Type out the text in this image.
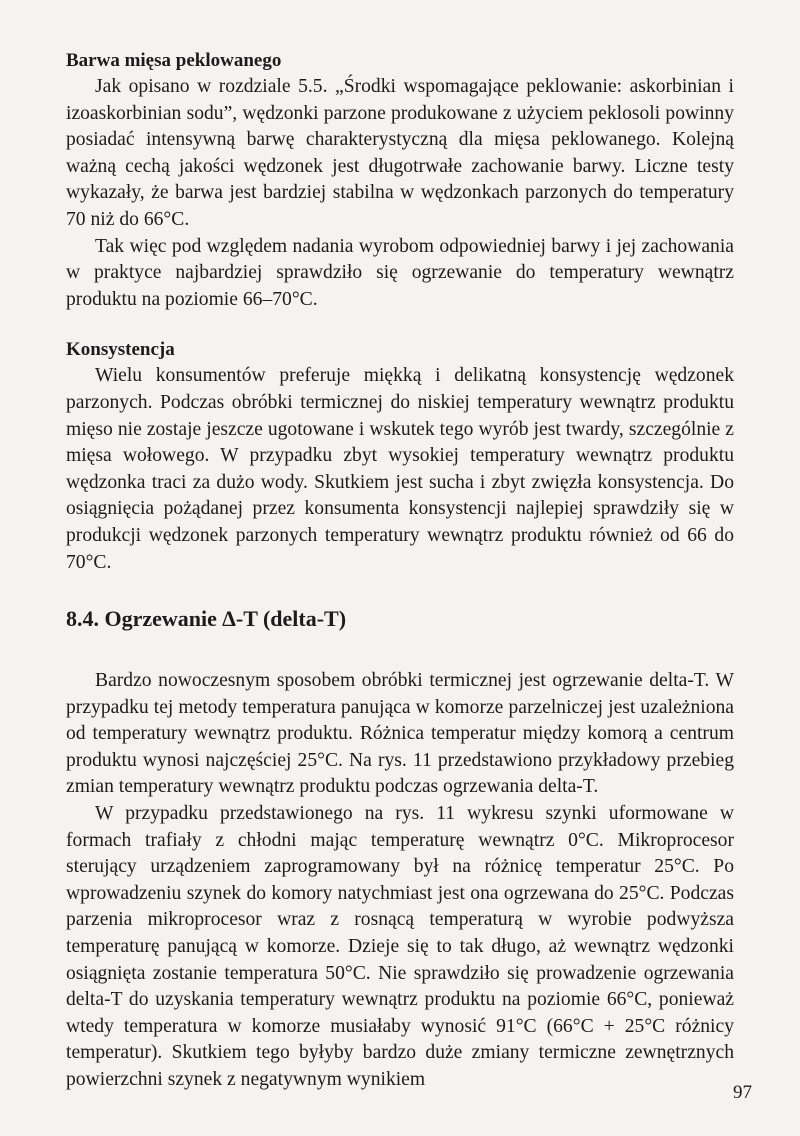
Barwa mięsa peklowanego

Jak opisano w rozdziale 5.5. „Środki wspomagające peklowanie: askorbinian i izoaskorbinian sodu”, wędzonki parzone produkowane z użyciem peklosoli powinny posiadać intensywną barwę charakterystyczną dla mięsa peklowanego. Kolejną ważną cechą jakości wędzonek jest długotrwałe zachowanie barwy. Liczne testy wykazały, że barwa jest bardziej stabilna w wędzonkach parzonych do temperatury 70 niż do 66°C.

Tak więc pod względem nadania wyrobom odpowiedniej barwy i jej zachowania w praktyce najbardziej sprawdziło się ogrzewanie do temperatury wewnątrz produktu na poziomie 66–70°C.

Konsystencja

Wielu konsumentów preferuje miękką i delikatną konsystencję wędzonek parzonych. Podczas obróbki termicznej do niskiej temperatury wewnątrz produktu mięso nie zostaje jeszcze ugotowane i wskutek tego wyrób jest twardy, szczególnie z mięsa wołowego. W przypadku zbyt wysokiej temperatury wewnątrz produktu wędzonka traci za dużo wody. Skutkiem jest sucha i zbyt zwięzła konsystencja. Do osiągnięcia pożądanej przez konsumenta konsystencji najlepiej sprawdziły się w produkcji wędzonek parzonych temperatury wewnątrz produktu również od 66 do 70°C.

8.4. Ogrzewanie ∆-T (delta-T)

Bardzo nowoczesnym sposobem obróbki termicznej jest ogrzewanie delta-T. W przypadku tej metody temperatura panująca w komorze parzelniczej jest uzależniona od temperatury wewnątrz produktu. Różnica temperatur między komorą a centrum produktu wynosi najczęściej 25°C. Na rys. 11 przedstawiono przykładowy przebieg zmian temperatury wewnątrz produktu podczas ogrzewania delta-T.

W przypadku przedstawionego na rys. 11 wykresu szynki uformowane w formach trafiały z chłodni mając temperaturę wewnątrz 0°C. Mikroprocesor sterujący urządzeniem zaprogramowany był na różnicę temperatur 25°C. Po wprowadzeniu szynek do komory natychmiast jest ona ogrzewana do 25°C. Podczas parzenia mikroprocesor wraz z rosnącą temperaturą w wyrobie podwyższa temperaturę panującą w komorze. Dzieje się to tak długo, aż wewnątrz wędzonki osiągnięta zostanie temperatura 50°C. Nie sprawdziło się prowadzenie ogrzewania delta-T do uzyskania temperatury wewnątrz produktu na poziomie 66°C, ponieważ wtedy temperatura w komorze musiałaby wynosić 91°C (66°C + 25°C różnicy temperatur). Skutkiem tego byłyby bardzo duże zmiany termiczne zewnętrznych powierzchni szynek z negatywnym wynikiem

97
